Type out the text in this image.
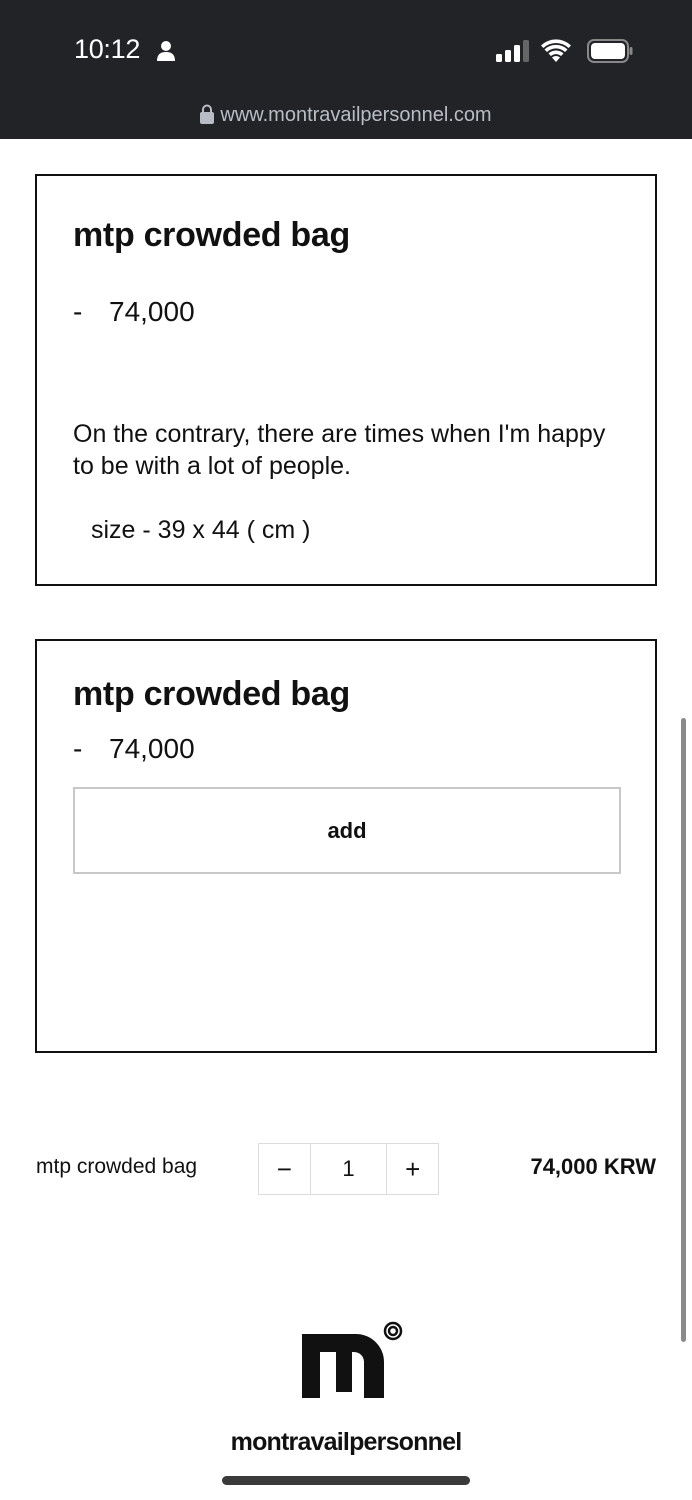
10:12
www.montravailpersonnel.com
mtp crowded bag
- 74,000
On the contrary, there are times when I'm happy to be with a lot of people.
size - 39 x 44 ( cm )
mtp crowded bag
- 74,000
add
mtp crowded bag	−	1	+	74,000 KRW
montravailpersonnel
